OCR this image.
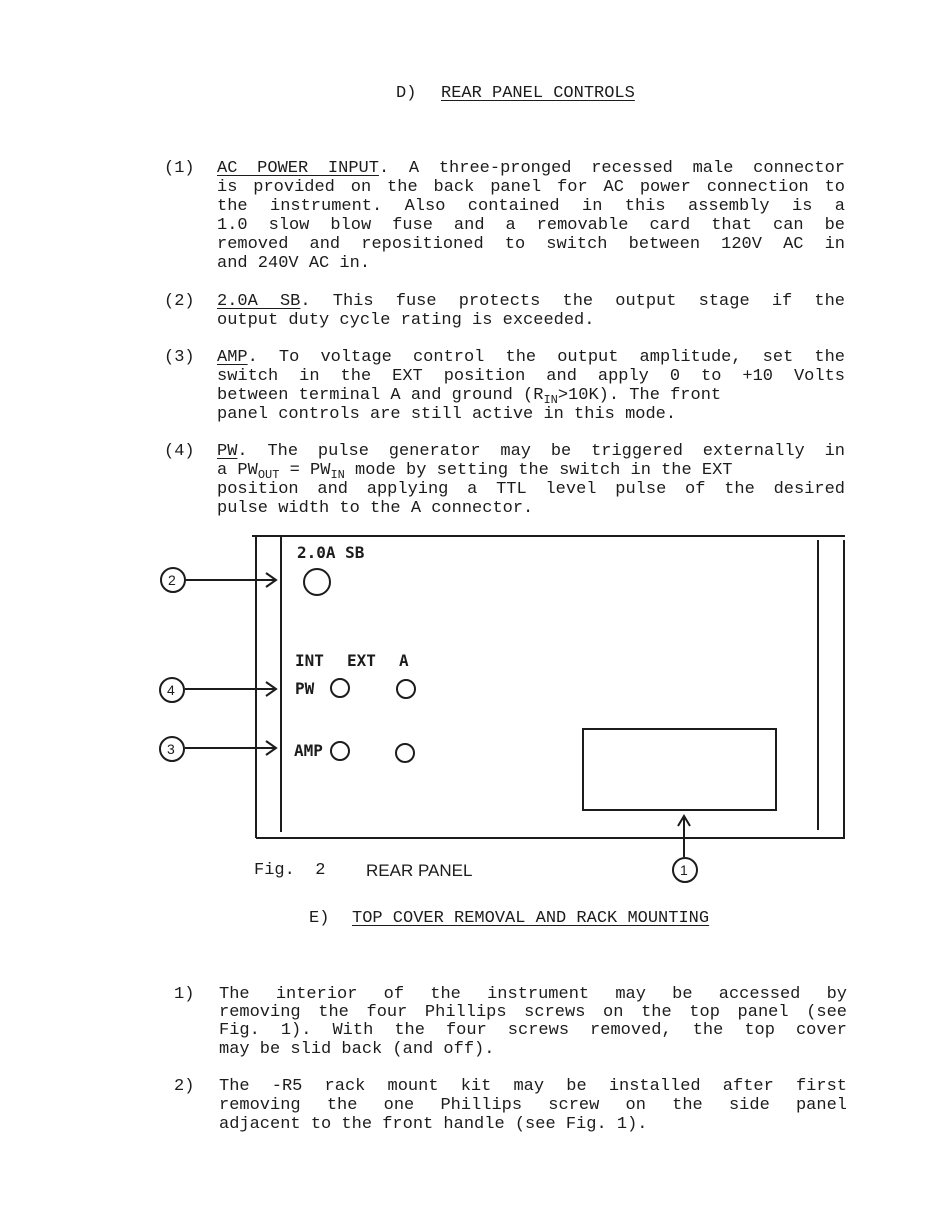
D) REAR PANEL CONTROLS
(1) AC POWER INPUT. A three-pronged recessed male connector
is provided on the back panel for AC power connection to
the instrument. Also contained in this assembly is a
1.0 slow blow fuse and a removable card that can be
removed and repositioned to switch between 120V AC in
and 240V AC in.
(2) 2.0A SB. This fuse protects the output stage if the
output duty cycle rating is exceeded.
(3) AMP. To voltage control the output amplitude, set the
switch in the EXT position and apply 0 to +10 Volts
between terminal A and ground $(R_{IN}>10K)$. The front
panel controls are still active in this mode.
(4) PW. The pulse generator may be triggered externally in
a $PW_{OUT} = PW_{IN}$ mode by setting the switch in the EXT
position and applying a TTL level pulse of the desired
pulse width to the A connector.
2.0A SB
INT EXT A
PW
AMP
2
4
3
1
Fig.  2 REAR PANEL
E) TOP COVER REMOVAL AND RACK MOUNTING
1) The interior of the instrument may be accessed by
removing the four Phillips screws on the top panel (see
Fig. 1). With the four screws removed, the top cover
may be slid back (and off).
2) The -R5 rack mount kit may be installed after first
removing the one Phillips screw on the side panel
adjacent to the front handle (see Fig. 1).
